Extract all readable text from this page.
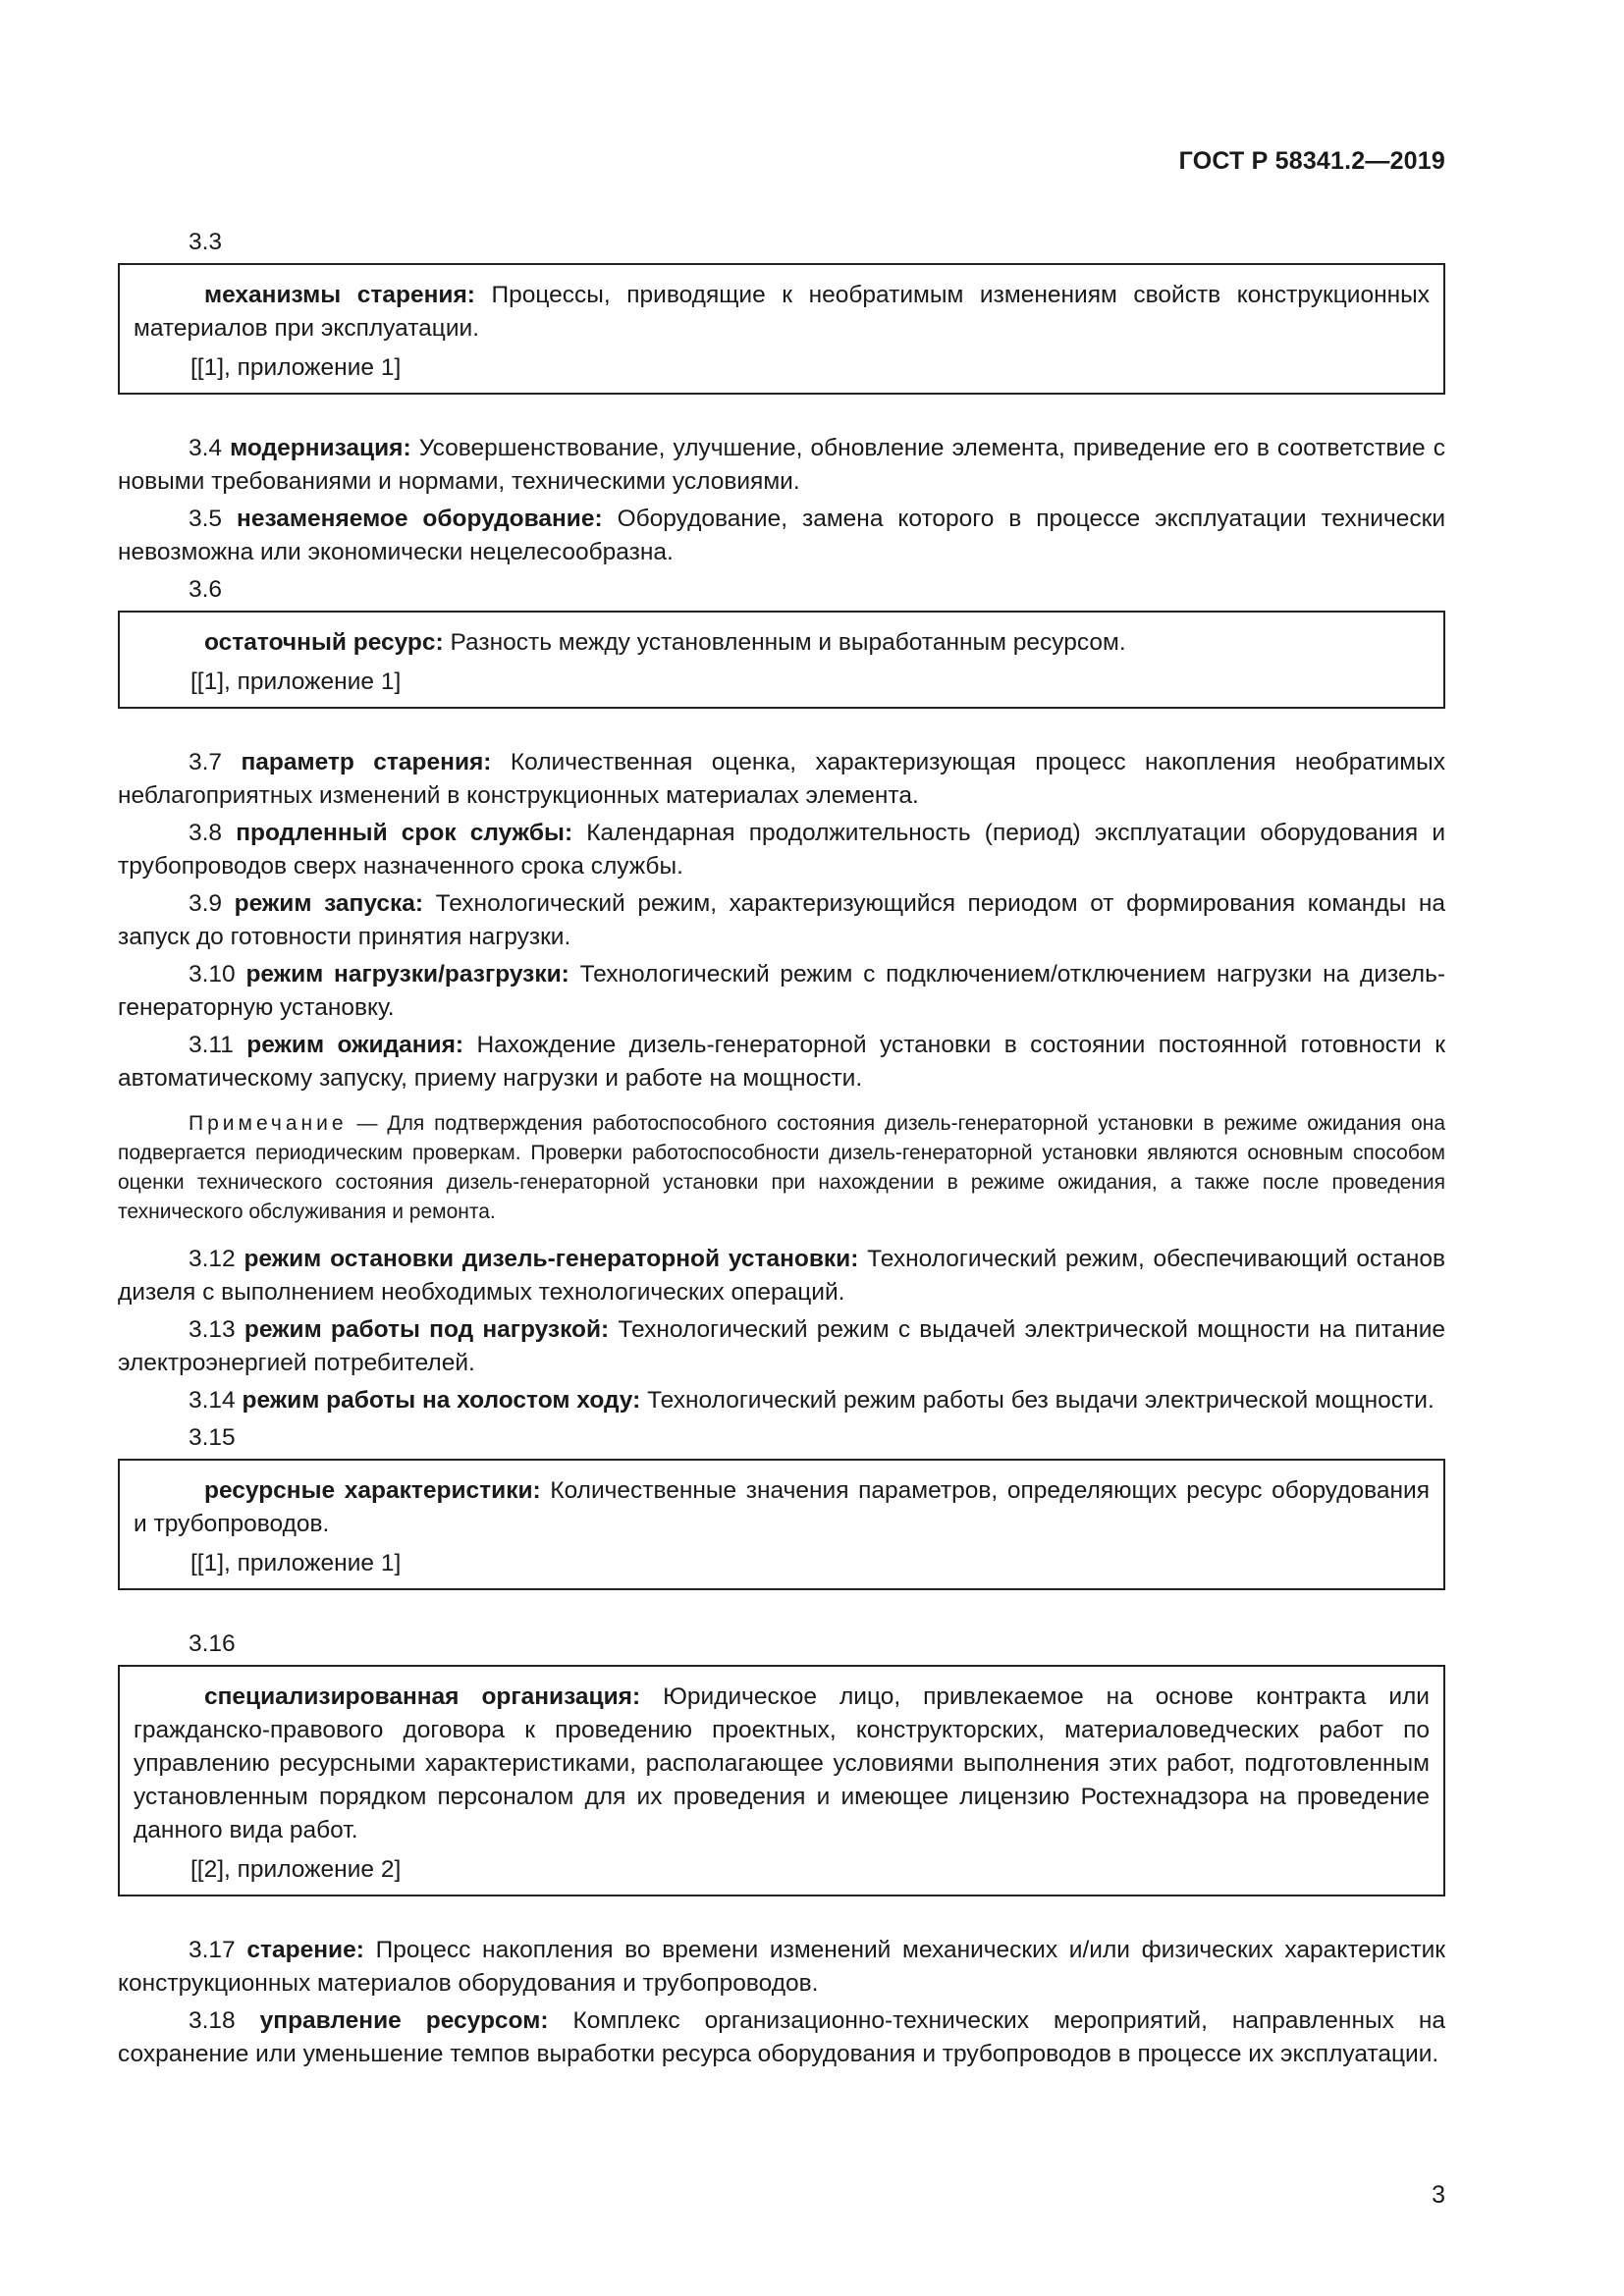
ГОСТ Р 58341.2—2019
3.3

механизмы старения: Процессы, приводящие к необратимым изменениям свойств конструкционных материалов при эксплуатации.

[[1], приложение 1]

3.4 модернизация: Усовершенствование, улучшение, обновление элемента, приведение его в соответствие с новыми требованиями и нормами, техническими условиями.

3.5 незаменяемое оборудование: Оборудование, замена которого в процессе эксплуатации технически невозможна или экономически нецелесообразна.

3.6

остаточный ресурс: Разность между установленным и выработанным ресурсом.

[[1], приложение 1]

3.7 параметр старения: Количественная оценка, характеризующая процесс накопления необратимых неблагоприятных изменений в конструкционных материалах элемента.

3.8 продленный срок службы: Календарная продолжительность (период) эксплуатации оборудования и трубопроводов сверх назначенного срока службы.

3.9 режим запуска: Технологический режим, характеризующийся периодом от формирования команды на запуск до готовности принятия нагрузки.

3.10 режим нагрузки/разгрузки: Технологический режим с подключением/отключением нагрузки на дизель-генераторную установку.

3.11 режим ожидания: Нахождение дизель-генераторной установки в состоянии постоянной готовности к автоматическому запуску, приему нагрузки и работе на мощности.

Примечание — Для подтверждения работоспособного состояния дизель-генераторной установки в режиме ожидания она подвергается периодическим проверкам. Проверки работоспособности дизель-генераторной установки являются основным способом оценки технического состояния дизель-генераторной установки при нахождении в режиме ожидания, а также после проведения технического обслуживания и ремонта.

3.12 режим остановки дизель-генераторной установки: Технологический режим, обеспечивающий останов дизеля с выполнением необходимых технологических операций.

3.13 режим работы под нагрузкой: Технологический режим с выдачей электрической мощности на питание электроэнергией потребителей.

3.14 режим работы на холостом ходу: Технологический режим работы без выдачи электрической мощности.

3.15

ресурсные характеристики: Количественные значения параметров, определяющих ресурс оборудования и трубопроводов.

[[1], приложение 1]
3.16

специализированная организация: Юридическое лицо, привлекаемое на основе контракта или гражданско-правового договора к проведению проектных, конструкторских, материаловедческих работ по управлению ресурсными характеристиками, располагающее условиями выполнения этих работ, подготовленным установленным порядком персоналом для их проведения и имеющее лицензию Ростехнадзора на проведение данного вида работ.

[[2], приложение 2]

3.17 старение: Процесс накопления во времени изменений механических и/или физических характеристик конструкционных материалов оборудования и трубопроводов.

3.18 управление ресурсом: Комплекс организационно-технических мероприятий, направленных на сохранение или уменьшение темпов выработки ресурса оборудования и трубопроводов в процессе их эксплуатации.

3
